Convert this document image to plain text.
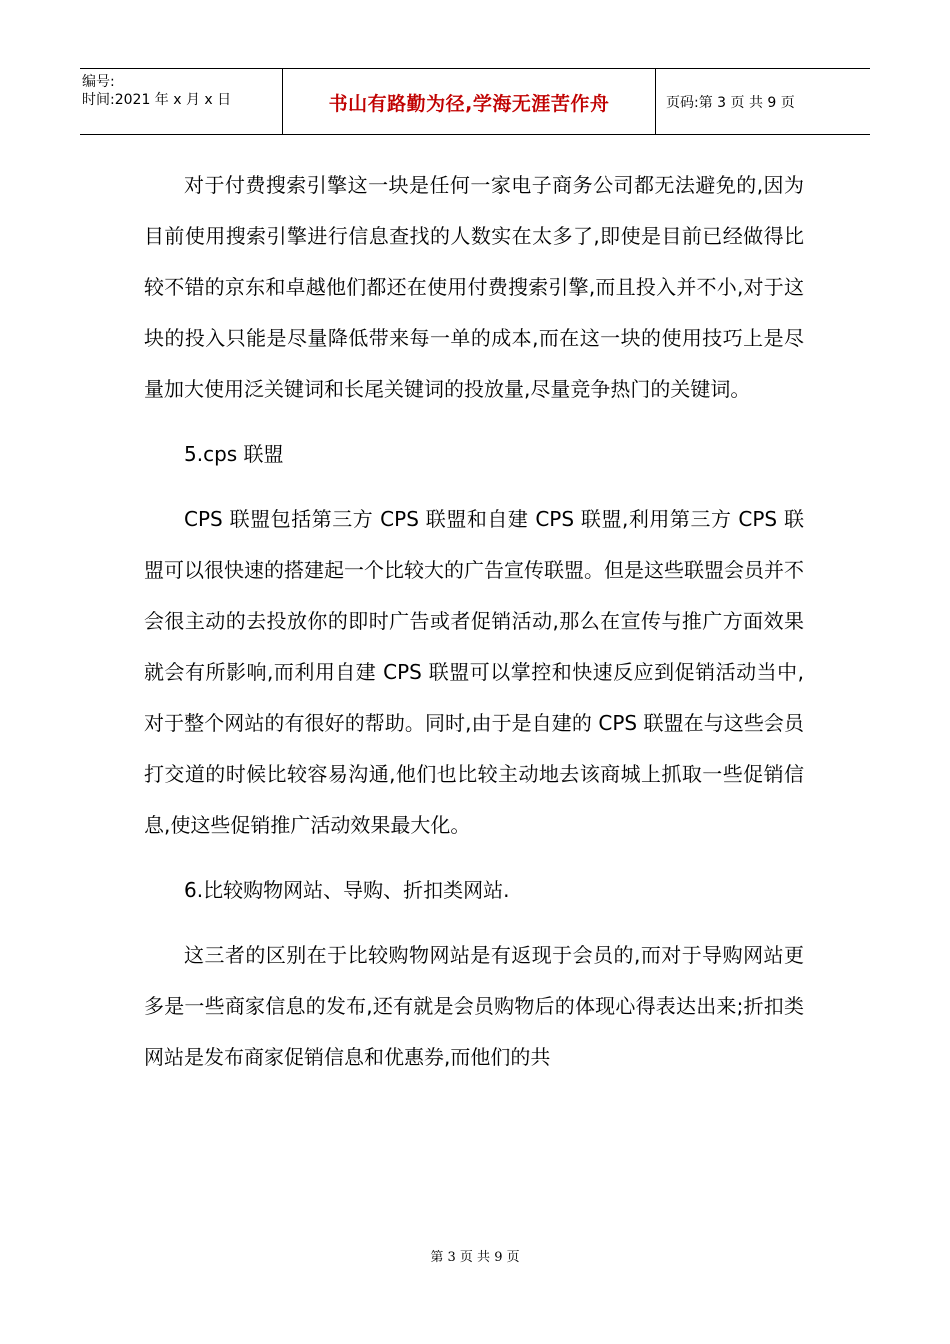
编号:
时间:2021 年 x 月 x 日	书山有路勤为径,学海无涯苦作舟	页码:第 3 页 共 9 页

对于付费搜索引擎这一块是任何一家电子商务公司都无法避免的,因为目前使用搜索引擎进行信息查找的人数实在太多了,即使是目前已经做得比较不错的京东和卓越他们都还在使用付费搜索引擎,而且投入并不小,对于这块的投入只能是尽量降低带来每一单的成本,而在这一块的使用技巧上是尽量加大使用泛关键词和长尾关键词的投放量,尽量竞争热门的关键词。

5.cps 联盟

CPS 联盟包括第三方 CPS 联盟和自建 CPS 联盟,利用第三方 CPS 联盟可以很快速的搭建起一个比较大的广告宣传联盟。但是这些联盟会员并不会很主动的去投放你的即时广告或者促销活动,那么在宣传与推广方面效果就会有所影响,而利用自建 CPS 联盟可以掌控和快速反应到促销活动当中,对于整个网站的有很好的帮助。同时,由于是自建的 CPS 联盟在与这些会员打交道的时候比较容易沟通,他们也比较主动地去该商城上抓取一些促销信息,使这些促销推广活动效果最大化。

6.比较购物网站、导购、折扣类网站.

这三者的区别在于比较购物网站是有返现于会员的,而对于导购网站更多是一些商家信息的发布,还有就是会员购物后的体现心得表达出来;折扣类网站是发布商家促销信息和优惠券,而他们的共

第 3 页 共 9 页
